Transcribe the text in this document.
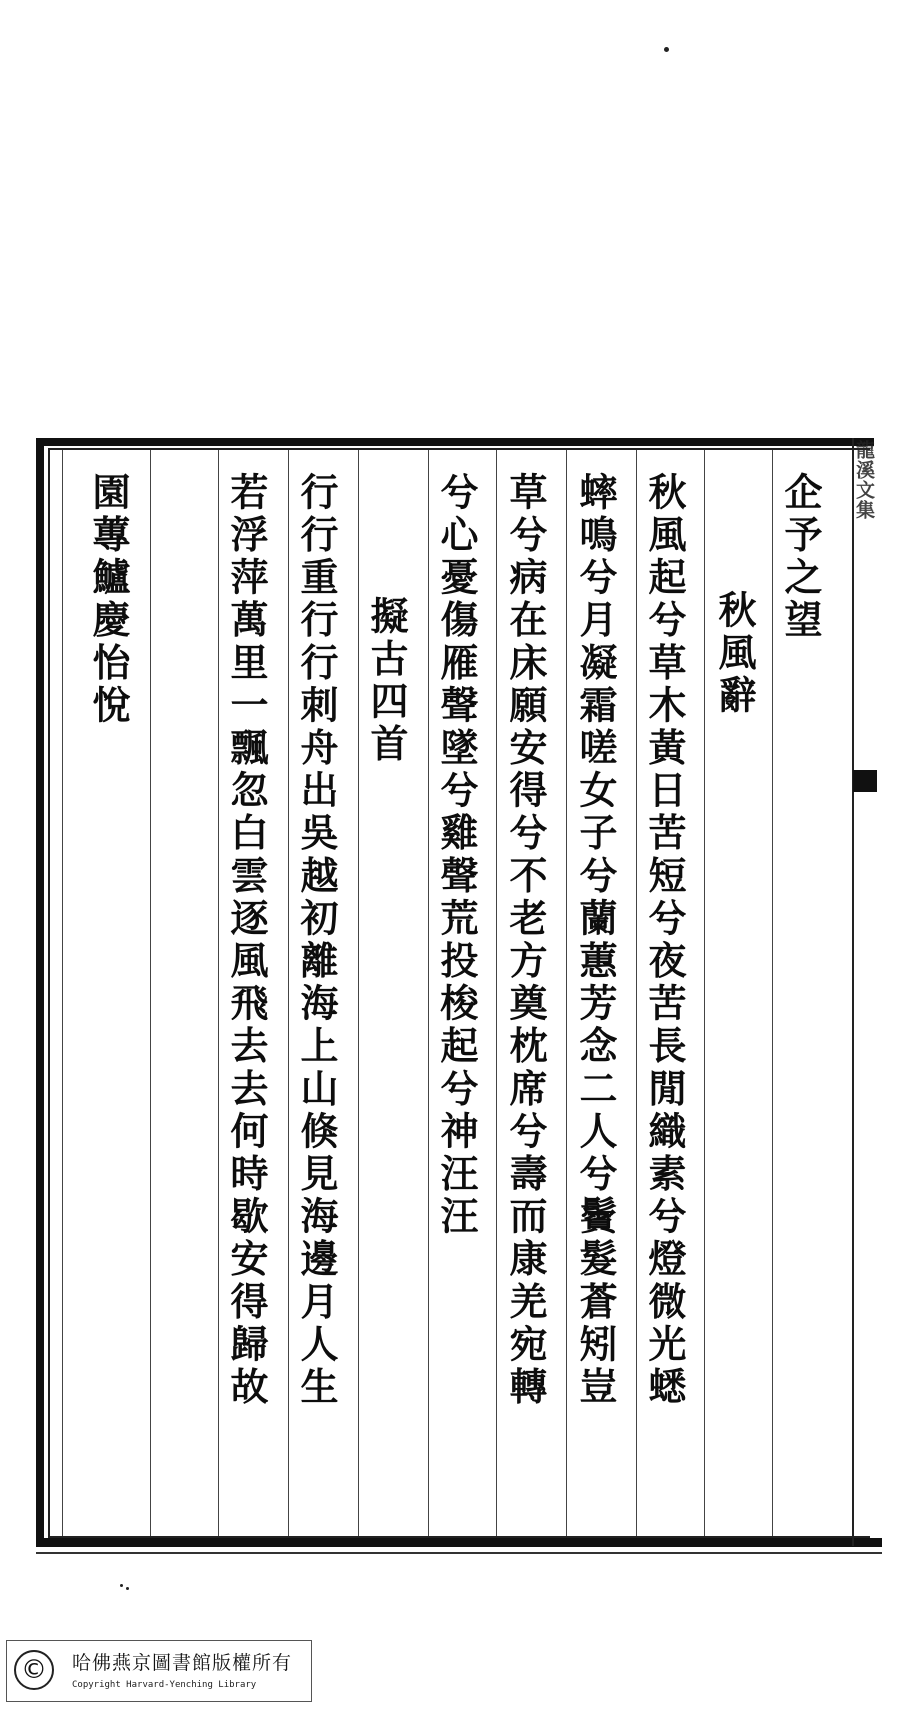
龍溪文集
企予之望
秋風辭
秋風起兮草木黃日苦短兮夜苦長閒織素兮燈微光蟋
蟀鳴兮月凝霜嗟女子兮蘭蕙芳念二人兮鬢髮蒼矧豈
草兮病在床願安得兮不老方奠枕席兮壽而康羌宛轉
兮心憂傷雁聲墜兮雞聲荒投梭起兮神汪汪
擬古四首
行行重行行刺舟出吳越初離海上山倏見海邊月人生
若浮萍萬里一飄忽白雲逐風飛去去何時歇安得歸故
園蓴鱸慶怡悅
©	哈佛燕京圖書館版權所有
Copyright Harvard-Yenching Library
